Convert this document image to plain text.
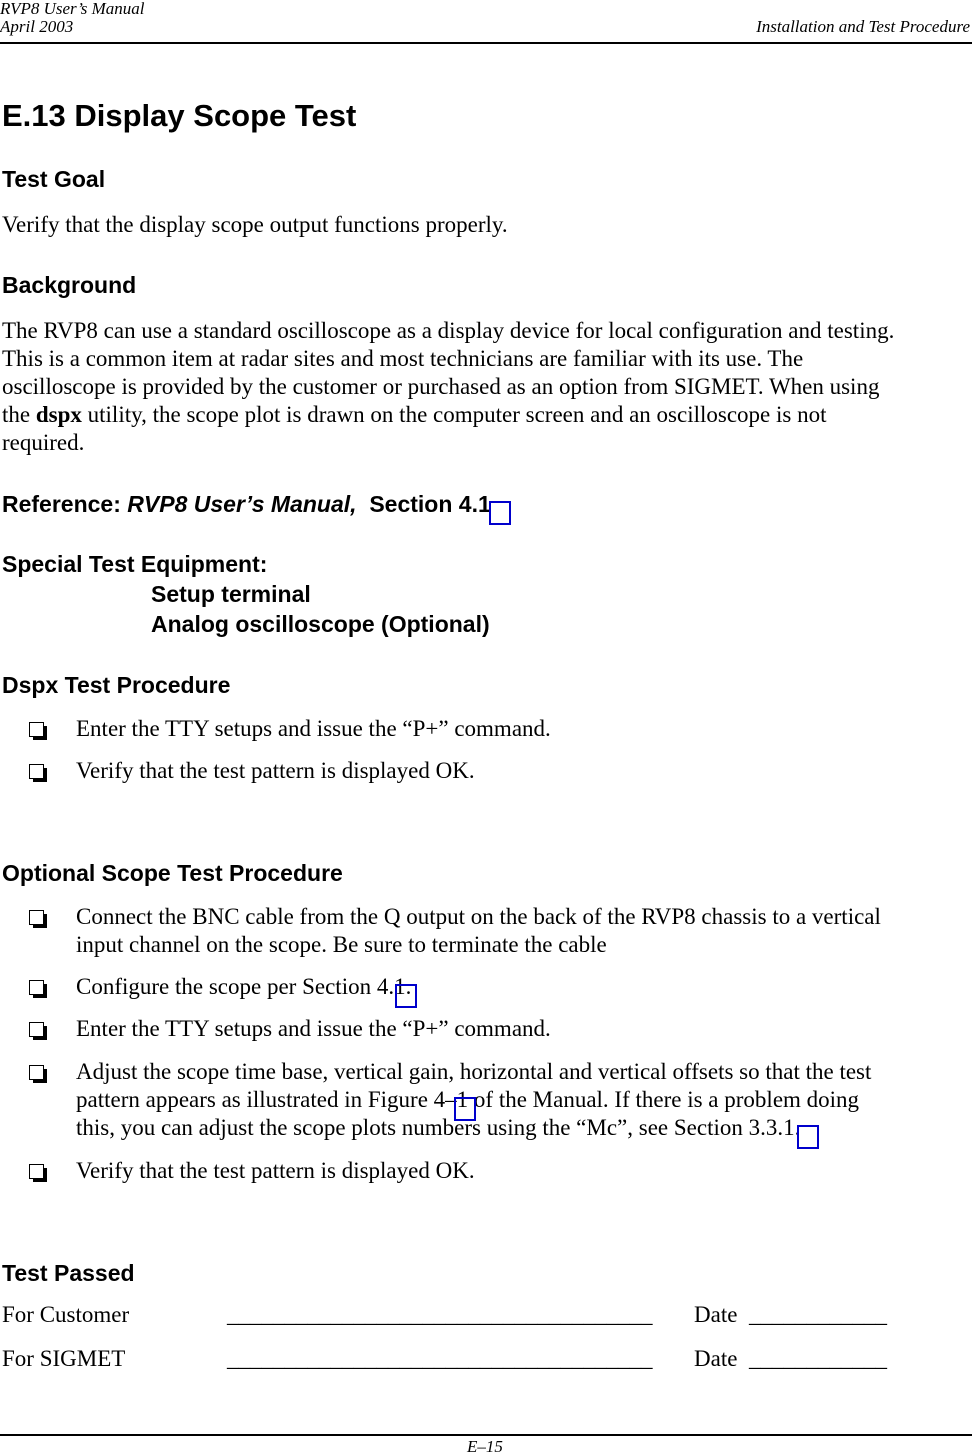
RVP8 User’s Manual
April 2003	Installation and Test Procedure
E.13 Display Scope Test
Test Goal
Verify that the display scope output functions properly.
Background
The RVP8 can use a standard oscilloscope as a display device for local configuration and testing.
This is a common item at radar sites and most technicians are familiar with its use. The
oscilloscope is provided by the customer or purchased as an option from SIGMET. When using
the dspx utility, the scope plot is drawn on the computer screen and an oscilloscope is not
required.
Reference: RVP8 User’s Manual, Section 4.1
Special Test Equipment:
Setup terminal
Analog oscilloscope (Optional)
Dspx Test Procedure
Enter the TTY setups and issue the “P+” command.
Verify that the test pattern is displayed OK.
Optional Scope Test Procedure
Connect the BNC cable from the Q output on the back of the RVP8 chassis to a vertical
input channel on the scope. Be sure to terminate the cable
Configure the scope per Section 4.1.
Enter the TTY setups and issue the “P+” command.
Adjust the scope time base, vertical gain, horizontal and vertical offsets so that the test
pattern appears as illustrated in Figure 4–1 of the Manual. If there is a problem doing
this, you can adjust the scope plots numbers using the “Mc”, see Section 3.3.1.
Verify that the test pattern is displayed OK.
Test Passed
For Customer	_____________________________________ Date ____________
For SIGMET	_____________________________________ Date ____________
E–15
